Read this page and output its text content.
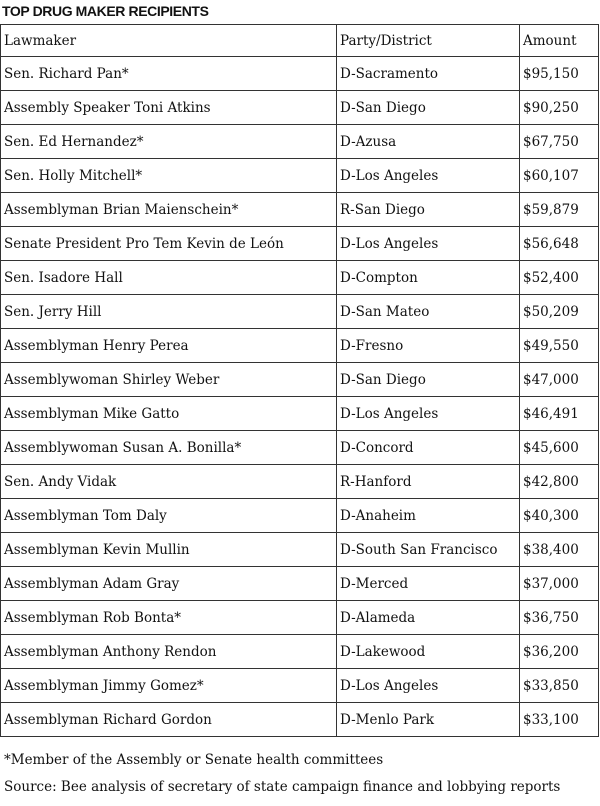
TOP DRUG MAKER RECIPIENTS
Lawmaker	Party/District	Amount
Sen. Richard Pan*	D-Sacramento	$95,150
Assembly Speaker Toni Atkins	D-San Diego	$90,250
Sen. Ed Hernandez*	D-Azusa	$67,750
Sen. Holly Mitchell*	D-Los Angeles	$60,107
Assemblyman Brian Maienschein*	R-San Diego	$59,879
Senate President Pro Tem Kevin de León	D-Los Angeles	$56,648
Sen. Isadore Hall	D-Compton	$52,400
Sen. Jerry Hill	D-San Mateo	$50,209
Assemblyman Henry Perea	D-Fresno	$49,550
Assemblywoman Shirley Weber	D-San Diego	$47,000
Assemblyman Mike Gatto	D-Los Angeles	$46,491
Assemblywoman Susan A. Bonilla*	D-Concord	$45,600
Sen. Andy Vidak	R-Hanford	$42,800
Assemblyman Tom Daly	D-Anaheim	$40,300
Assemblyman Kevin Mullin	D-South San Francisco	$38,400
Assemblyman Adam Gray	D-Merced	$37,000
Assemblyman Rob Bonta*	D-Alameda	$36,750
Assemblyman Anthony Rendon	D-Lakewood	$36,200
Assemblyman Jimmy Gomez*	D-Los Angeles	$33,850
Assemblyman Richard Gordon	D-Menlo Park	$33,100
*Member of the Assembly or Senate health committees
Source: Bee analysis of secretary of state campaign finance and lobbying reports
